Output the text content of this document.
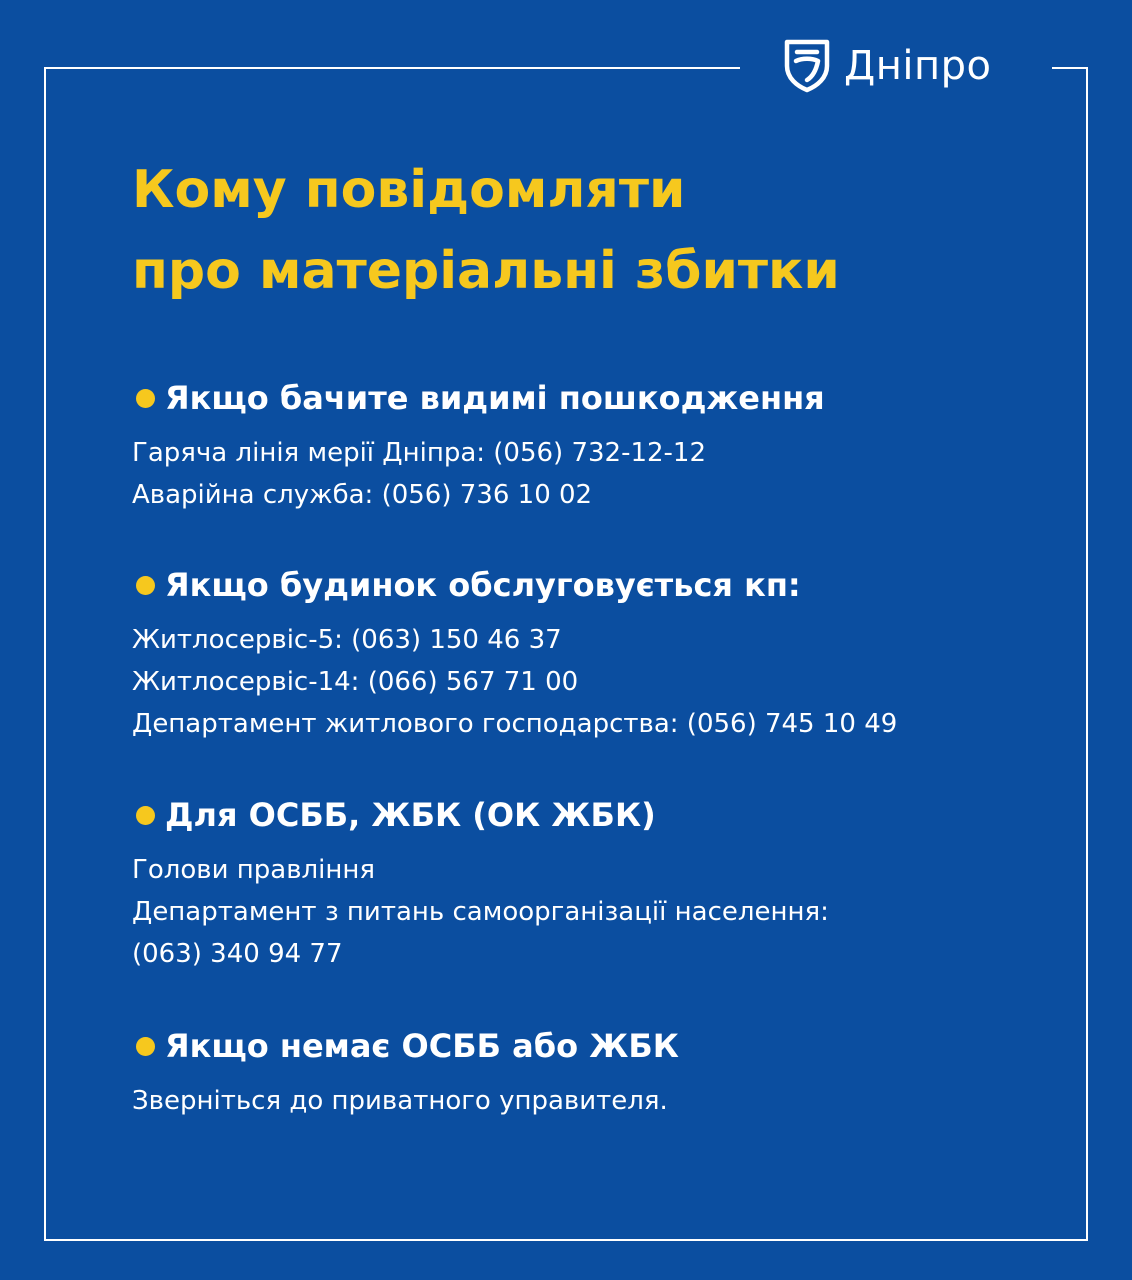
Дніпро
Кому повідомляти
про матеріальні збитки
Якщо бачите видимі пошкодження
Гаряча лінія мерії Дніпра: (056) 732-12-12
Аварійна служба: (056) 736 10 02
Якщо будинок обслуговується кп:
Житлосервіс-5: (063) 150 46 37
Житлосервіс-14: (066) 567 71 00
Департамент житлового господарства: (056) 745 10 49
Для ОСББ, ЖБК (ОК ЖБК)
Голови правління
Департамент з питань самоорганізації населення:
(063) 340 94 77
Якщо немає ОСББ або ЖБК
Зверніться до приватного управителя.
